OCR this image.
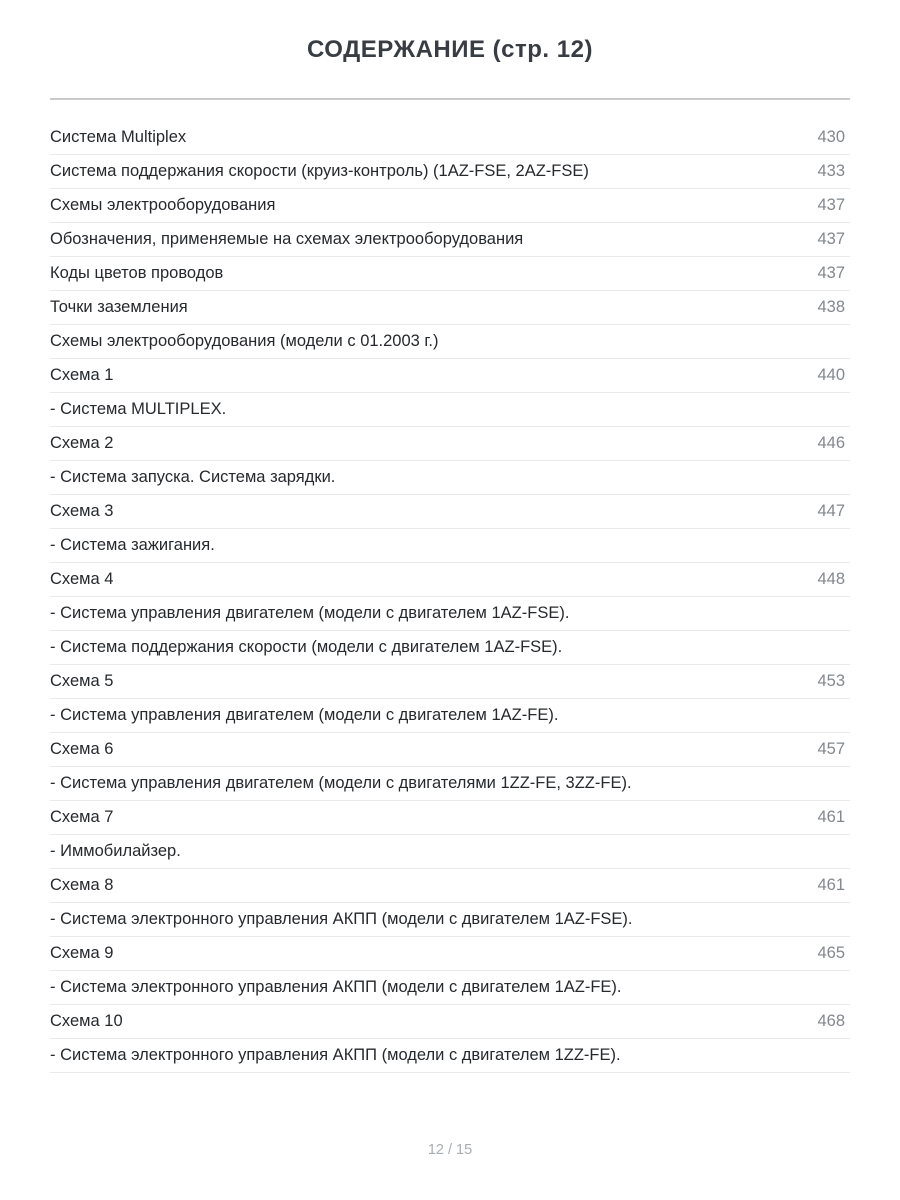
СОДЕРЖАНИЕ (стр. 12)
Система Multiplex	430
Система поддержания скорости (круиз-контроль) (1AZ-FSE, 2AZ-FSE)	433
Схемы электрооборудования	437
Обозначения, применяемые на схемах электрооборудования	437
Коды цветов проводов	437
Точки заземления	438
Схемы электрооборудования (модели с 01.2003 г.)
Схема 1	440
- Система MULTIPLEX.
Схема 2	446
- Система запуска. Система зарядки.
Схема 3	447
- Система зажигания.
Схема 4	448
- Система управления двигателем (модели с двигателем 1AZ-FSE).
- Система поддержания скорости (модели с двигателем 1AZ-FSE).
Схема 5	453
- Система управления двигателем (модели с двигателем 1AZ-FE).
Схема 6	457
- Система управления двигателем (модели с двигателями 1ZZ-FE, 3ZZ-FE).
Схема 7	461
- Иммобилайзер.
Схема 8	461
- Система электронного управления АКПП (модели с двигателем 1AZ-FSE).
Схема 9	465
- Система электронного управления АКПП (модели с двигателем 1AZ-FE).
Схема 10	468
- Система электронного управления АКПП (модели с двигателем 1ZZ-FE).
12 / 15
